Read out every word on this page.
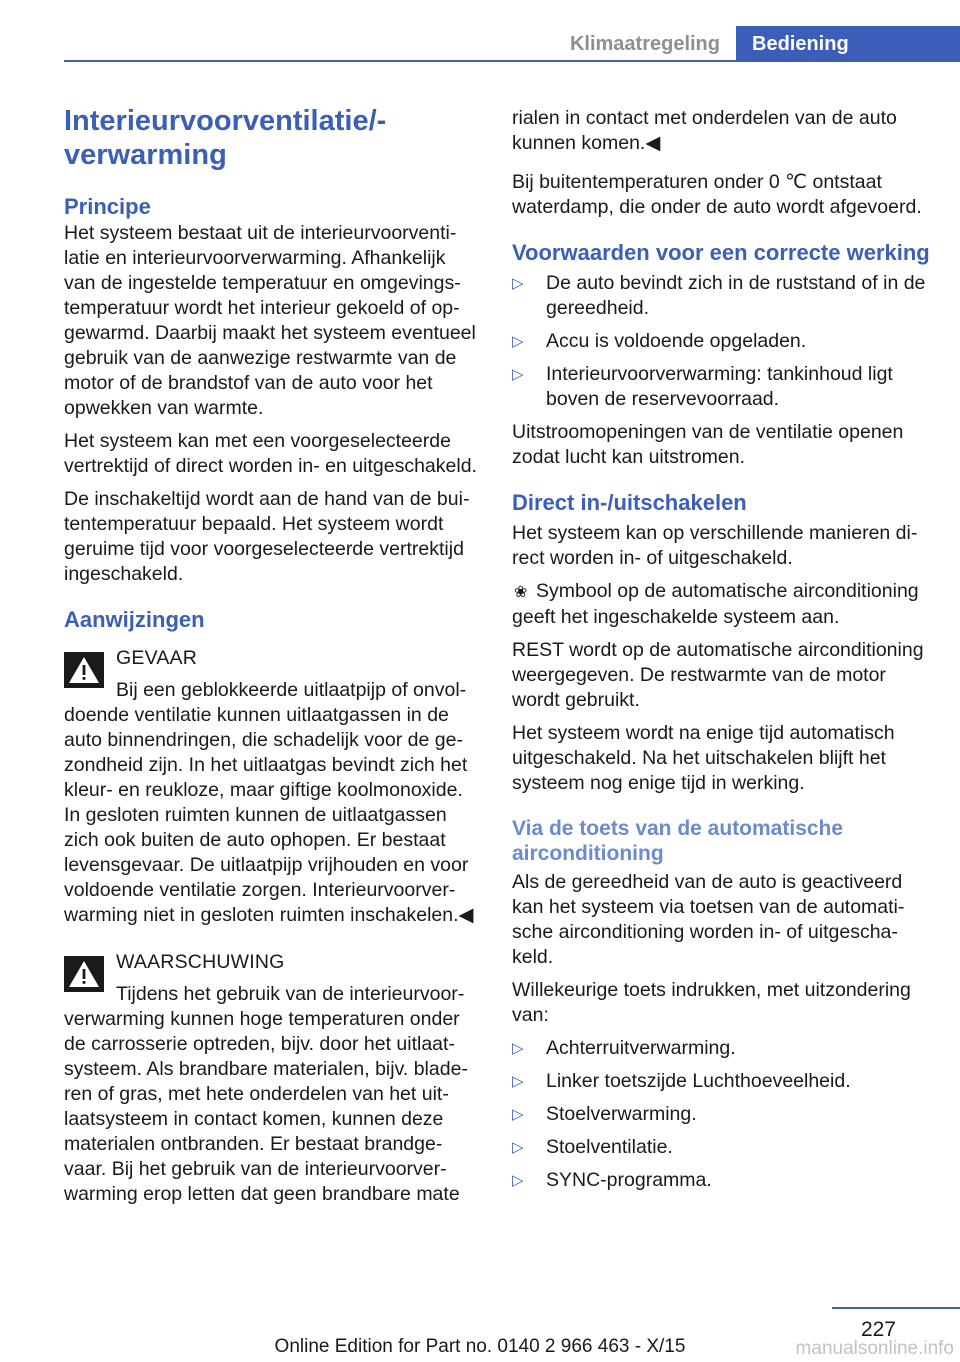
Klimaatregeling	Bediening
Interieurvoorventilatie/-verwarming
Principe

Het systeem bestaat uit de interieurvoorventilatie en interieurvoorverwarming. Afhankelijk van de ingestelde temperatuur en omgevingstemperatuur wordt het interieur gekoeld of opgewarmd. Daarbij maakt het systeem eventueel gebruik van de aanwezige restwarmte van de motor of de brandstof van de auto voor het opwekken van warmte.

Het systeem kan met een voorgeselecteerde vertrektijd of direct worden in- en uitgeschakeld.

De inschakeltijd wordt aan de hand van de buitentemperatuur bepaald. Het systeem wordt geruime tijd voor voorgeselecteerde vertrektijd ingeschakeld.

Aanwijzingen
GEVAAR
Bij een geblokkeerde uitlaatpijp of onvoldoende ventilatie kunnen uitlaatgassen in de auto binnendringen, die schadelijk voor de gezondheid zijn. In het uitlaatgas bevindt zich het kleur- en reukloze, maar giftige koolmonoxide. In gesloten ruimten kunnen de uitlaatgassen zich ook buiten de auto ophopen. Er bestaat levensgevaar. De uitlaatpijp vrijhouden en voor voldoende ventilatie zorgen. Interieurvoorverwarming niet in gesloten ruimten inschakelen.◀
WAARSCHUWING
Tijdens het gebruik van de interieurvoorverwarming kunnen hoge temperaturen onder de carrosserie optreden, bijv. door het uitlaatsysteem. Als brandbare materialen, bijv. bladeren of gras, met hete onderdelen van het uitlaatsysteem in contact komen, kunnen deze materialen ontbranden. Er bestaat brandgevaar. Bij het gebruik van de interieurvoorverwarming erop letten dat geen brandbare mate

rialen in contact met onderdelen van de auto kunnen komen.◀

Bij buitentemperaturen onder 0 ℃ ontstaat waterdamp, die onder de auto wordt afgevoerd.

Voorwaarden voor een correcte werking
▷ De auto bevindt zich in de ruststand of in de gereedheid.
▷ Accu is voldoende opgeladen.
▷ Interieurvoorverwarming: tankinhoud ligt boven de reservevoorraad.

Uitstroomopeningen van de ventilatie openen zodat lucht kan uitstromen.

Direct in-/uitschakelen

Het systeem kan op verschillende manieren direct worden in- of uitgeschakeld.

❀ Symbool op de automatische airconditioning geeft het ingeschakelde systeem aan.

REST wordt op de automatische airconditioning weergegeven. De restwarmte van de motor wordt gebruikt.

Het systeem wordt na enige tijd automatisch uitgeschakeld. Na het uitschakelen blijft het systeem nog enige tijd in werking.

Via de toets van de automatische airconditioning

Als de gereedheid van de auto is geactiveerd kan het systeem via toetsen van de automatische airconditioning worden in- of uitgeschakeld.

Willekeurige toets indrukken, met uitzondering van:

▷ Achterruitverwarming.
▷ Linker toetszijde Luchthoeveelheid.
▷ Stoelverwarming.
▷ Stoelventilatie.
▷ SYNC-programma.
227
Online Edition for Part no. 0140 2 966 463 - X/15	manualsonline.info
